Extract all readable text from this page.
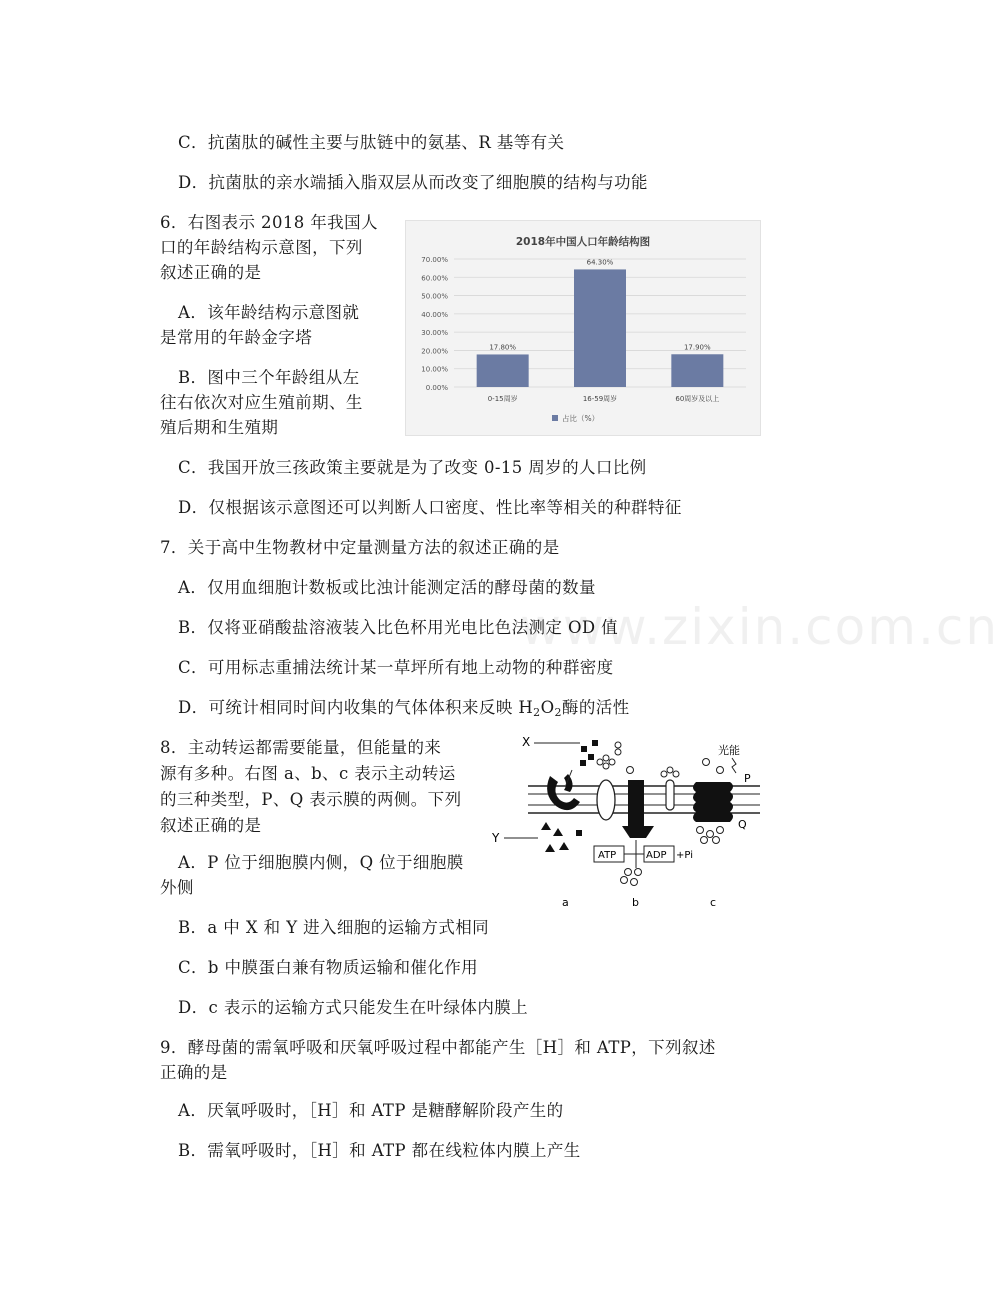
C．抗菌肽的碱性主要与肽链中的氨基、R 基等有关
D．抗菌肽的亲水端插入脂双层从而改变了细胞膜的结构与功能
6．右图表示 2018 年我国人
口的年龄结构示意图，下列
叙述正确的是
A．该年龄结构示意图就
是常用的年龄金字塔
B．图中三个年龄组从左
往右依次对应生殖前期、生
殖后期和生殖期
2018年中国人口年龄结构图
0.00%
10.00%
20.00%
30.00%
40.00%
50.00%
60.00%
70.00%
17.80%
64.30%
17.90%
0-15周岁	16-59周岁	60周岁及以上
占比（%）
C．我国开放三孩政策主要就是为了改变 0-15 周岁的人口比例
D．仅根据该示意图还可以判断人口密度、性比率等相关的种群特征
7．关于高中生物教材中定量测量方法的叙述正确的是
A．仅用血细胞计数板或比浊计能测定活的酵母菌的数量
B．仅将亚硝酸盐溶液装入比色杯用光电比色法测定 OD 值
C．可用标志重捕法统计某一草坪所有地上动物的种群密度
D．可统计相同时间内收集的气体体积来反映 $H_2O_2$酶的活性
www.zixin.com.cn
8．主动转运都需要能量，但能量的来
源有多种。右图 a、b、c 表示主动转运
的三种类型，P、Q 表示膜的两侧。下列
叙述正确的是
A．P 位于细胞膜内侧，Q 位于细胞膜
外侧
X
Y
光能
P
Q
a
ATP	ADP +Pi
b	c
B．a 中 X 和 Y 进入细胞的运输方式相同
C．b 中膜蛋白兼有物质运输和催化作用
D．c 表示的运输方式只能发生在叶绿体内膜上
9．酵母菌的需氧呼吸和厌氧呼吸过程中都能产生［H］和 ATP，下列叙述
正确的是
A．厌氧呼吸时，［H］和 ATP 是糖酵解阶段产生的
B．需氧呼吸时，［H］和 ATP 都在线粒体内膜上产生
